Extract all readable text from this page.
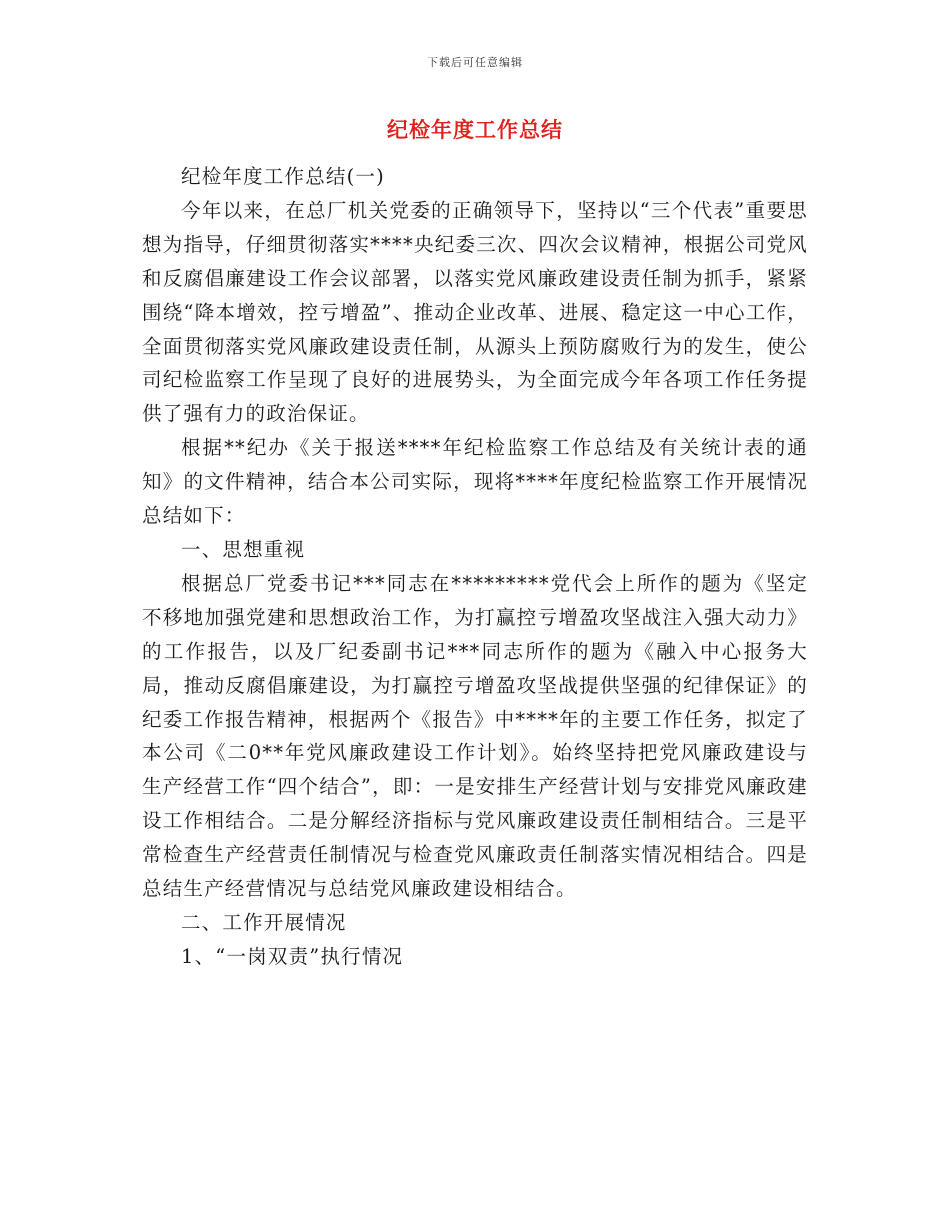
下载后可任意编辑
纪检年度工作总结

纪检年度工作总结(一)

今年以来，在总厂机关党委的正确领导下，坚持以“三个代表”重要思想为指导，仔细贯彻落实****央纪委三次、四次会议精神，根据公司党风和反腐倡廉建设工作会议部署，以落实党风廉政建设责任制为抓手，紧紧围绕“降本增效，控亏增盈”、推动企业改革、进展、稳定这一中心工作，全面贯彻落实党风廉政建设责任制，从源头上预防腐败行为的发生，使公司纪检监察工作呈现了良好的进展势头，为全面完成今年各项工作任务提供了强有力的政治保证。

根据**纪办《关于报送****年纪检监察工作总结及有关统计表的通知》的文件精神，结合本公司实际，现将****年度纪检监察工作开展情况总结如下：

一、思想重视

根据总厂党委书记***同志在*********党代会上所作的题为《坚定不移地加强党建和思想政治工作，为打赢控亏增盈攻坚战注入强大动力》的工作报告，以及厂纪委副书记***同志所作的题为《融入中心报务大局，推动反腐倡廉建设，为打赢控亏增盈攻坚战提供坚强的纪律保证》的纪委工作报告精神，根据两个《报告》中****年的主要工作任务，拟定了本公司《二0**年党风廉政建设工作计划》。始终坚持把党风廉政建设与生产经营工作“四个结合”，即：一是安排生产经营计划与安排党风廉政建设工作相结合。二是分解经济指标与党风廉政建设责任制相结合。三是平常检查生产经营责任制情况与检查党风廉政责任制落实情况相结合。四是总结生产经营情况与总结党风廉政建设相结合。

二、工作开展情况

1、“一岗双责”执行情况
